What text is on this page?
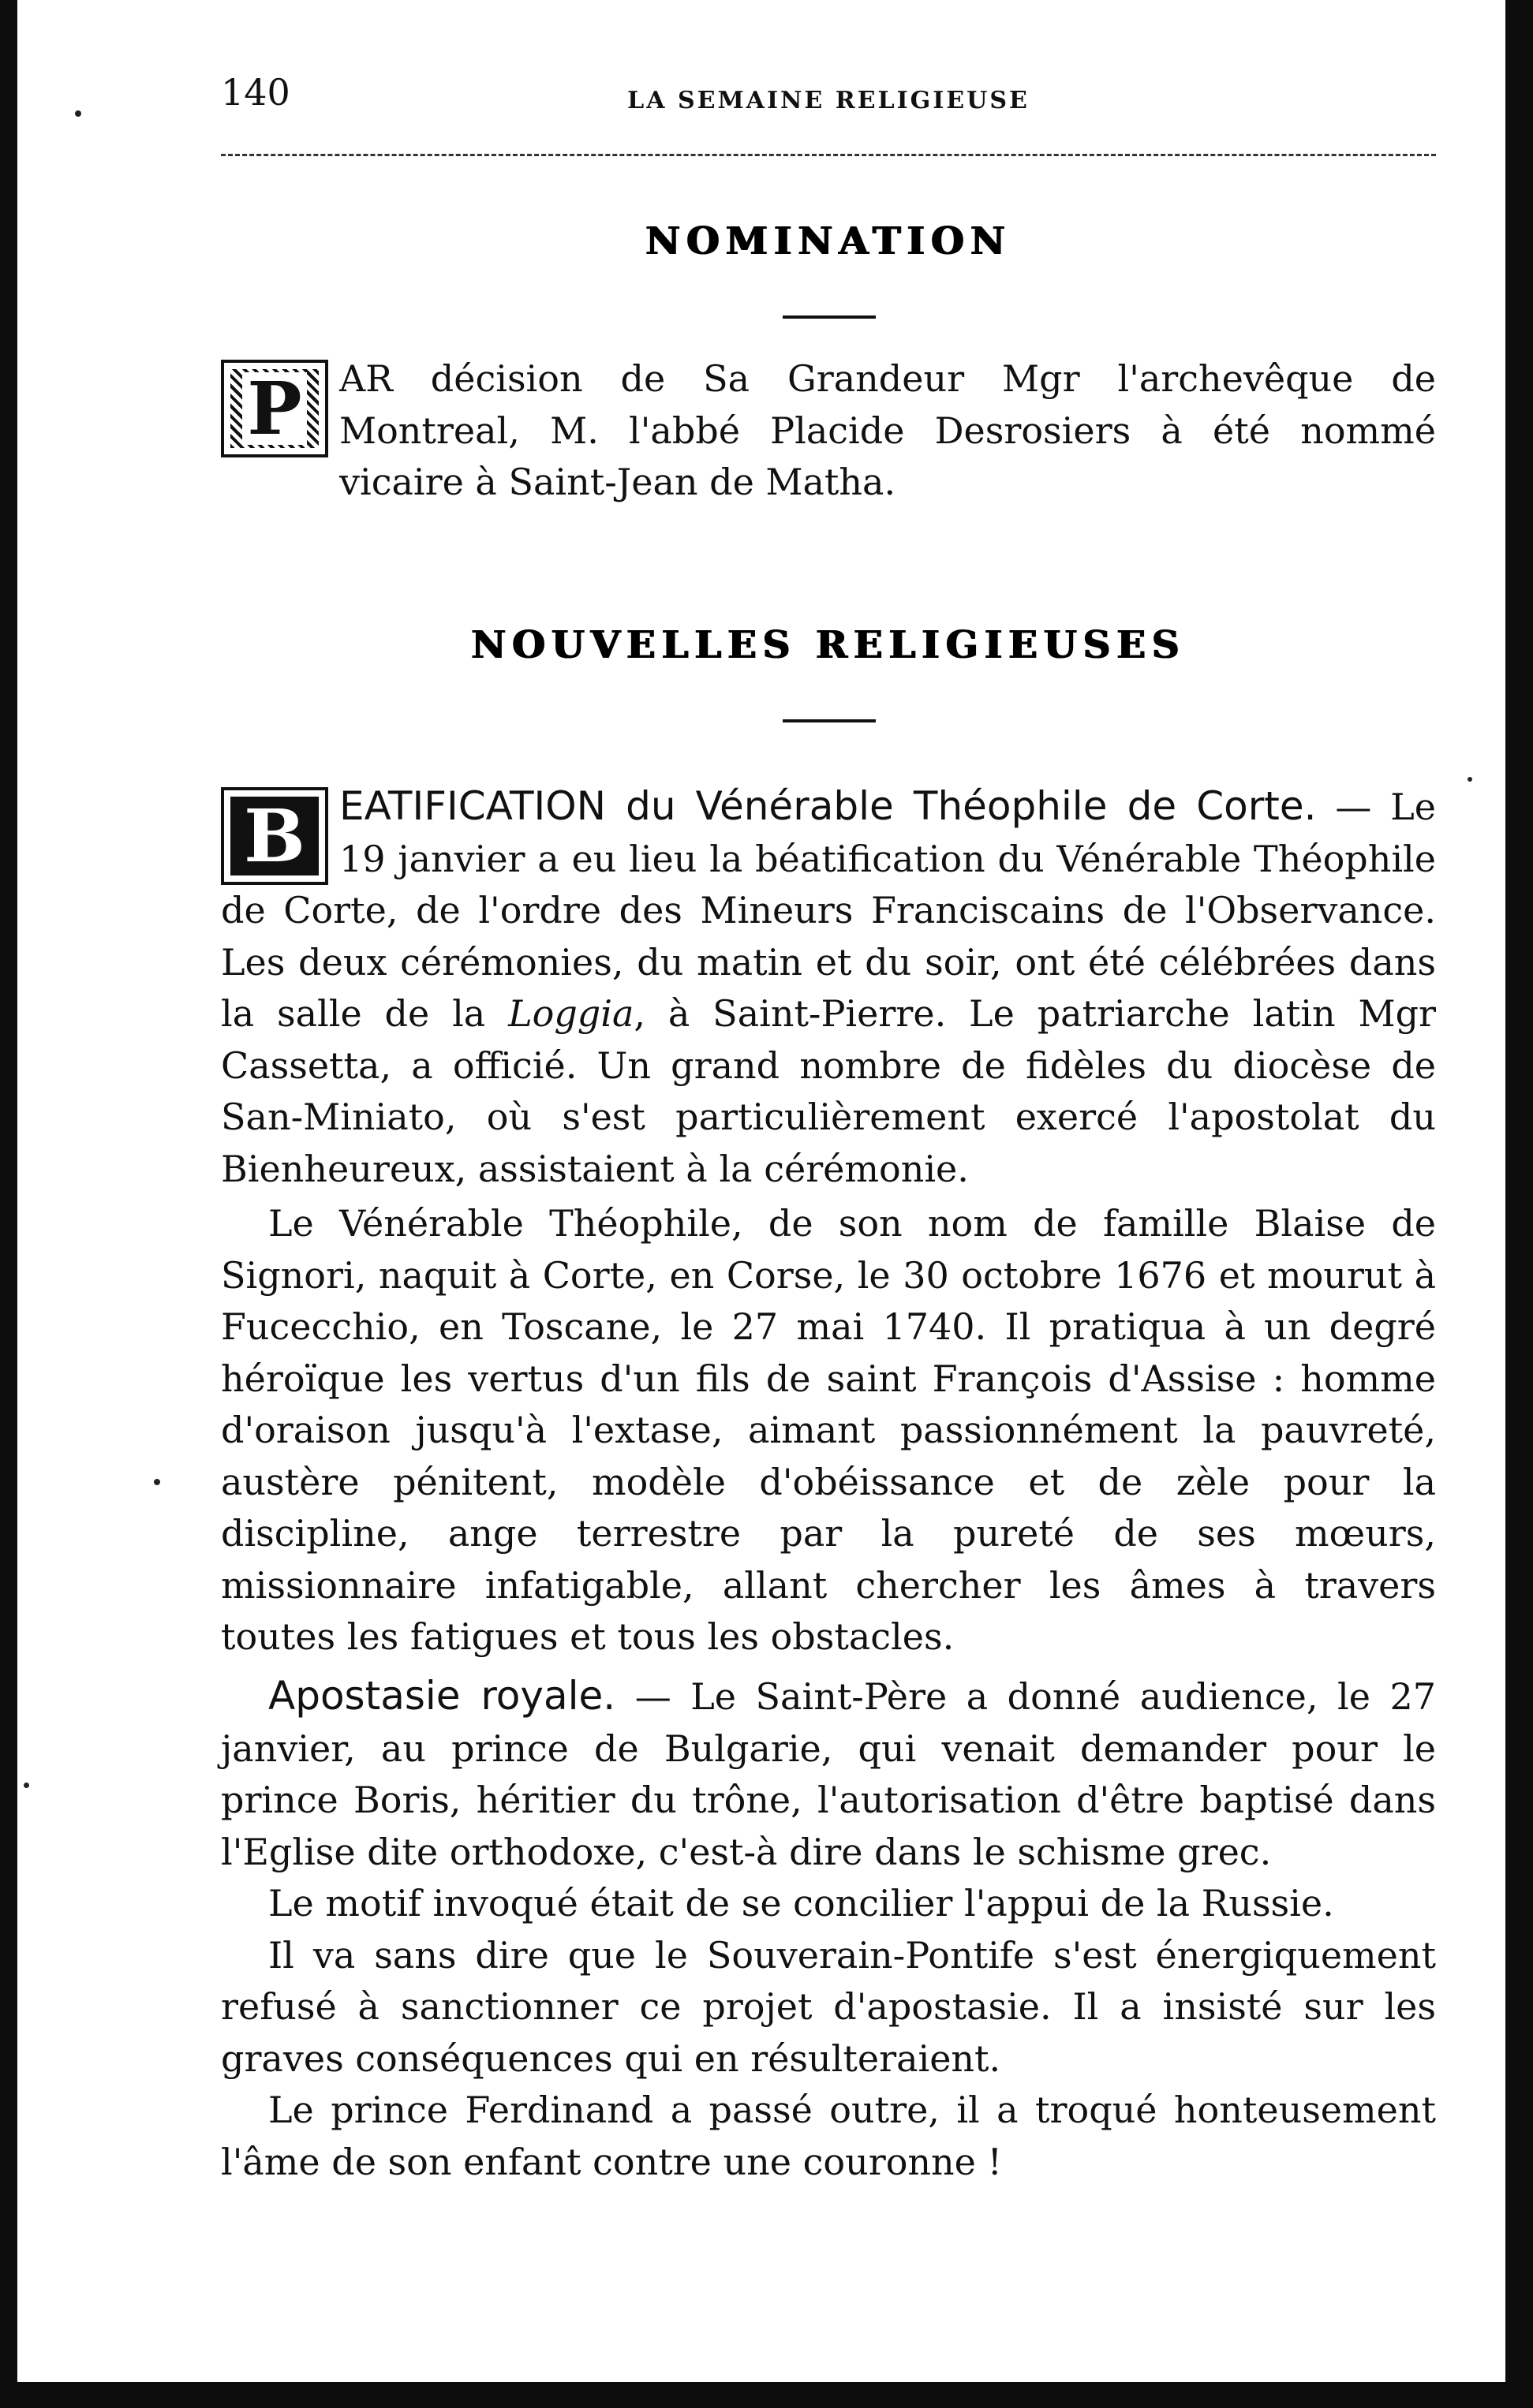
140	LA SEMAINE RELIGIEUSE
NOMINATION
P	AR décision de Sa Grandeur Mgr l'archevêque de Montreal, M. l'abbé Placide Desrosiers à été nommé vicaire à Saint-Jean de Matha.

NOUVELLES RELIGIEUSES
B EATIFICATION du Vénérable Théophile de Corte. — Le 19 janvier a eu lieu la béatification du Vénérable Théophile de Corte, de l'ordre des Mineurs Franciscains de l'Observance. Les deux cérémonies, du matin et du soir, ont été célébrées dans la salle de la Loggia, à Saint-Pierre. Le patriarche latin Mgr Cassetta, a officié. Un grand nombre de fidèles du diocèse de San-Miniato, où s'est particulièrement exercé l'apostolat du Bienheureux, assistaient à la cérémonie.

Le Vénérable Théophile, de son nom de famille Blaise de Signori, naquit à Corte, en Corse, le 30 octobre 1676 et mourut à Fucecchio, en Toscane, le 27 mai 1740. Il pratiqua à un degré héroïque les vertus d'un fils de saint François d'Assise : homme d'oraison jusqu'à l'extase, aimant passionnément la pauvreté, austère pénitent, modèle d'obéissance et de zèle pour la discipline, ange terrestre par la pureté de ses mœurs, missionnaire infatigable, allant chercher les âmes à travers toutes les fatigues et tous les obstacles.

Apostasie royale. — Le Saint-Père a donné audience, le 27 janvier, au prince de Bulgarie, qui venait demander pour le prince Boris, héritier du trône, l'autorisation d'être baptisé dans l'Eglise dite orthodoxe, c'est-à dire dans le schisme grec.

Le motif invoqué était de se concilier l'appui de la Russie.

Il va sans dire que le Souverain-Pontife s'est énergiquement refusé à sanctionner ce projet d'apostasie. Il a insisté sur les graves conséquences qui en résulteraient.

Le prince Ferdinand a passé outre, il a troqué honteusement l'âme de son enfant contre une couronne !
